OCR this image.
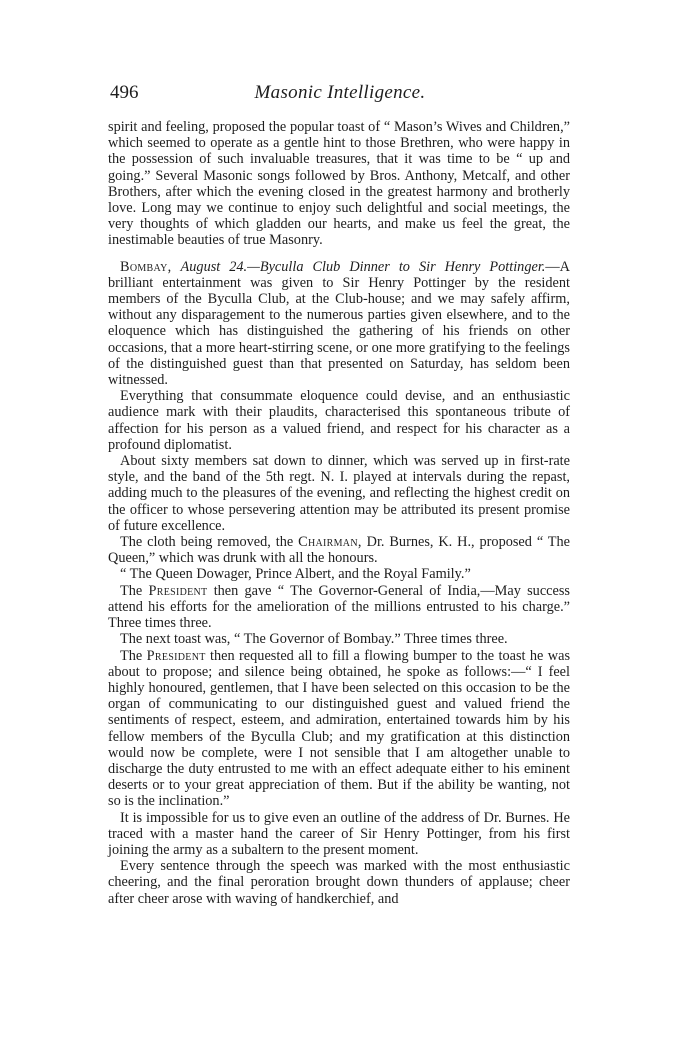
496	Masonic Intelligence.

spirit and feeling, proposed the popular toast of “ Mason’s Wives and Children,” which seemed to operate as a gentle hint to those Brethren, who were happy in the possession of such invaluable treasures, that it was time to be “ up and going.” Several Masonic songs followed by Bros. Anthony, Metcalf, and other Brothers, after which the evening closed in the greatest harmony and brotherly love. Long may we continue to enjoy such delightful and social meetings, the very thoughts of which gladden our hearts, and make us feel the great, the inestimable beauties of true Masonry.

Bombay, August 24.—Byculla Club Dinner to Sir Henry Pottinger.—A brilliant entertainment was given to Sir Henry Pottinger by the resident members of the Byculla Club, at the Club-house; and we may safely affirm, without any disparagement to the numerous parties given elsewhere, and to the eloquence which has distinguished the gathering of his friends on other occasions, that a more heart-stirring scene, or one more gratifying to the feelings of the distinguished guest than that presented on Saturday, has seldom been witnessed.

Everything that consummate eloquence could devise, and an enthusiastic audience mark with their plaudits, characterised this spontaneous tribute of affection for his person as a valued friend, and respect for his character as a profound diplomatist.

About sixty members sat down to dinner, which was served up in first-rate style, and the band of the 5th regt. N. I. played at intervals during the repast, adding much to the pleasures of the evening, and reflecting the highest credit on the officer to whose persevering attention may be attributed its present promise of future excellence.

The cloth being removed, the Chairman, Dr. Burnes, K. H., proposed “ The Queen,” which was drunk with all the honours.

“ The Queen Dowager, Prince Albert, and the Royal Family.”

The President then gave “ The Governor-General of India,—May success attend his efforts for the amelioration of the millions entrusted to his charge.” Three times three.

The next toast was, “ The Governor of Bombay.” Three times three.

The President then requested all to fill a flowing bumper to the toast he was about to propose; and silence being obtained, he spoke as follows:—“ I feel highly honoured, gentlemen, that I have been selected on this occasion to be the organ of communicating to our distinguished guest and valued friend the sentiments of respect, esteem, and admiration, entertained towards him by his fellow members of the Byculla Club; and my gratification at this distinction would now be complete, were I not sensible that I am altogether unable to discharge the duty entrusted to me with an effect adequate either to his eminent deserts or to your great appreciation of them. But if the ability be wanting, not so is the inclination.”

It is impossible for us to give even an outline of the address of Dr. Burnes. He traced with a master hand the career of Sir Henry Pottinger, from his first joining the army as a subaltern to the present moment.

Every sentence through the speech was marked with the most enthusiastic cheering, and the final peroration brought down thunders of applause; cheer after cheer arose with waving of handkerchief, and
